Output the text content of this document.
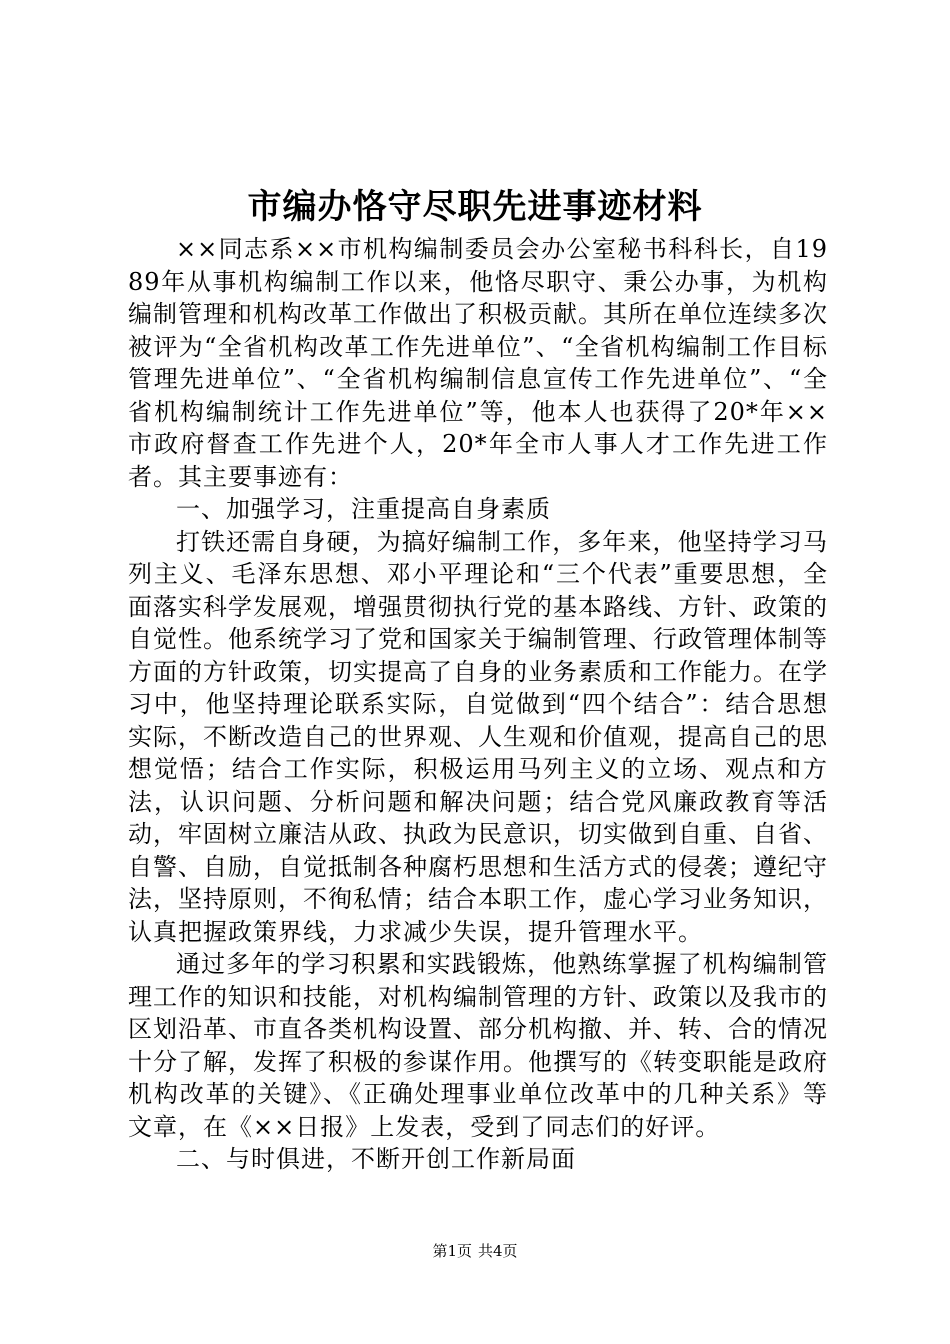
市编办恪守尽职先进事迹材料

××同志系××市机构编制委员会办公室秘书科科长，自1989年从事机构编制工作以来，他恪尽职守、秉公办事，为机构编制管理和机构改革工作做出了积极贡献。其所在单位连续多次被评为“全省机构改革工作先进单位”、“全省机构编制工作目标管理先进单位”、“全省机构编制信息宣传工作先进单位”、“全省机构编制统计工作先进单位”等，他本人也获得了20*年××市政府督查工作先进个人，20*年全市人事人才工作先进工作者。其主要事迹有：

一、加强学习，注重提高自身素质

打铁还需自身硬，为搞好编制工作，多年来，他坚持学习马列主义、毛泽东思想、邓小平理论和“三个代表”重要思想，全面落实科学发展观，增强贯彻执行党的基本路线、方针、政策的自觉性。他系统学习了党和国家关于编制管理、行政管理体制等方面的方针政策，切实提高了自身的业务素质和工作能力。在学习中，他坚持理论联系实际，自觉做到“四个结合”：结合思想实际，不断改造自己的世界观、人生观和价值观，提高自己的思想觉悟；结合工作实际，积极运用马列主义的立场、观点和方法，认识问题、分析问题和解决问题；结合党风廉政教育等活动，牢固树立廉洁从政、执政为民意识，切实做到自重、自省、自警、自励，自觉抵制各种腐朽思想和生活方式的侵袭；遵纪守法，坚持原则，不徇私情；结合本职工作，虚心学习业务知识，认真把握政策界线，力求减少失误，提升管理水平。

通过多年的学习积累和实践锻炼，他熟练掌握了机构编制管理工作的知识和技能，对机构编制管理的方针、政策以及我市的区划沿革、市直各类机构设置、部分机构撤、并、转、合的情况十分了解，发挥了积极的参谋作用。他撰写的《转变职能是政府机构改革的关键》、《正确处理事业单位改革中的几种关系》等文章，在《××日报》上发表，受到了同志们的好评。

二、与时俱进，不断开创工作新局面

第1页 共4页
